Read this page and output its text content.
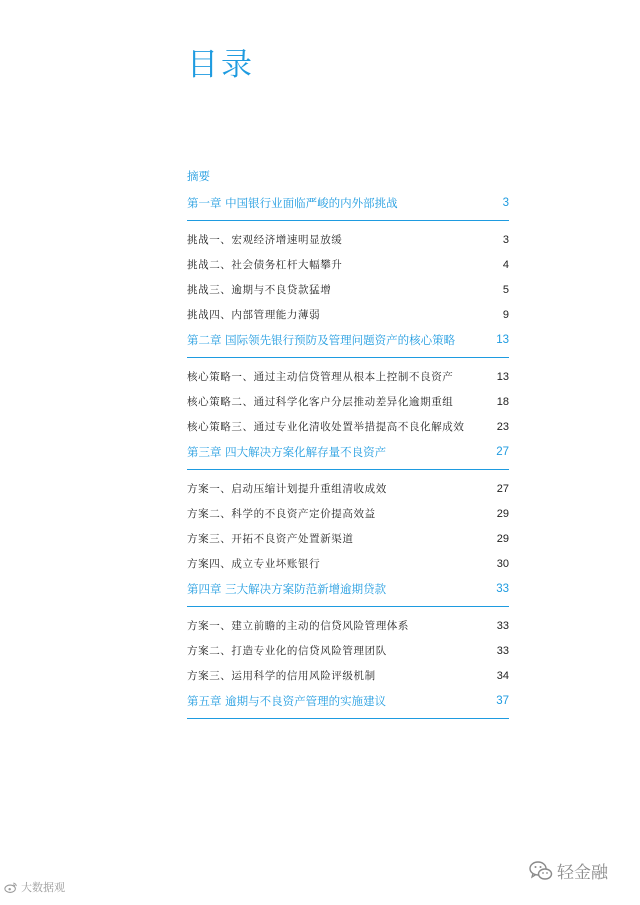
目录
摘要
第一章 中国银行业面临严峻的内外部挑战	3
挑战一、宏观经济增速明显放缓	3
挑战二、社会债务杠杆大幅攀升	4
挑战三、逾期与不良贷款猛增	5
挑战四、内部管理能力薄弱	9
第二章 国际领先银行预防及管理问题资产的核心策略	13
核心策略一、通过主动信贷管理从根本上控制不良资产	13
核心策略二、通过科学化客户分层推动差异化逾期重组	18
核心策略三、通过专业化清收处置举措提高不良化解成效	23
第三章 四大解决方案化解存量不良资产	27
方案一、启动压缩计划提升重组清收成效	27
方案二、科学的不良资产定价提高效益	29
方案三、开拓不良资产处置新渠道	29
方案四、成立专业坏账银行	30
第四章 三大解决方案防范新增逾期贷款	33
方案一、建立前瞻的主动的信贷风险管理体系	33
方案二、打造专业化的信贷风险管理团队	33
方案三、运用科学的信用风险评级机制	34
第五章 逾期与不良资产管理的实施建议	37
大数据观
轻金融
